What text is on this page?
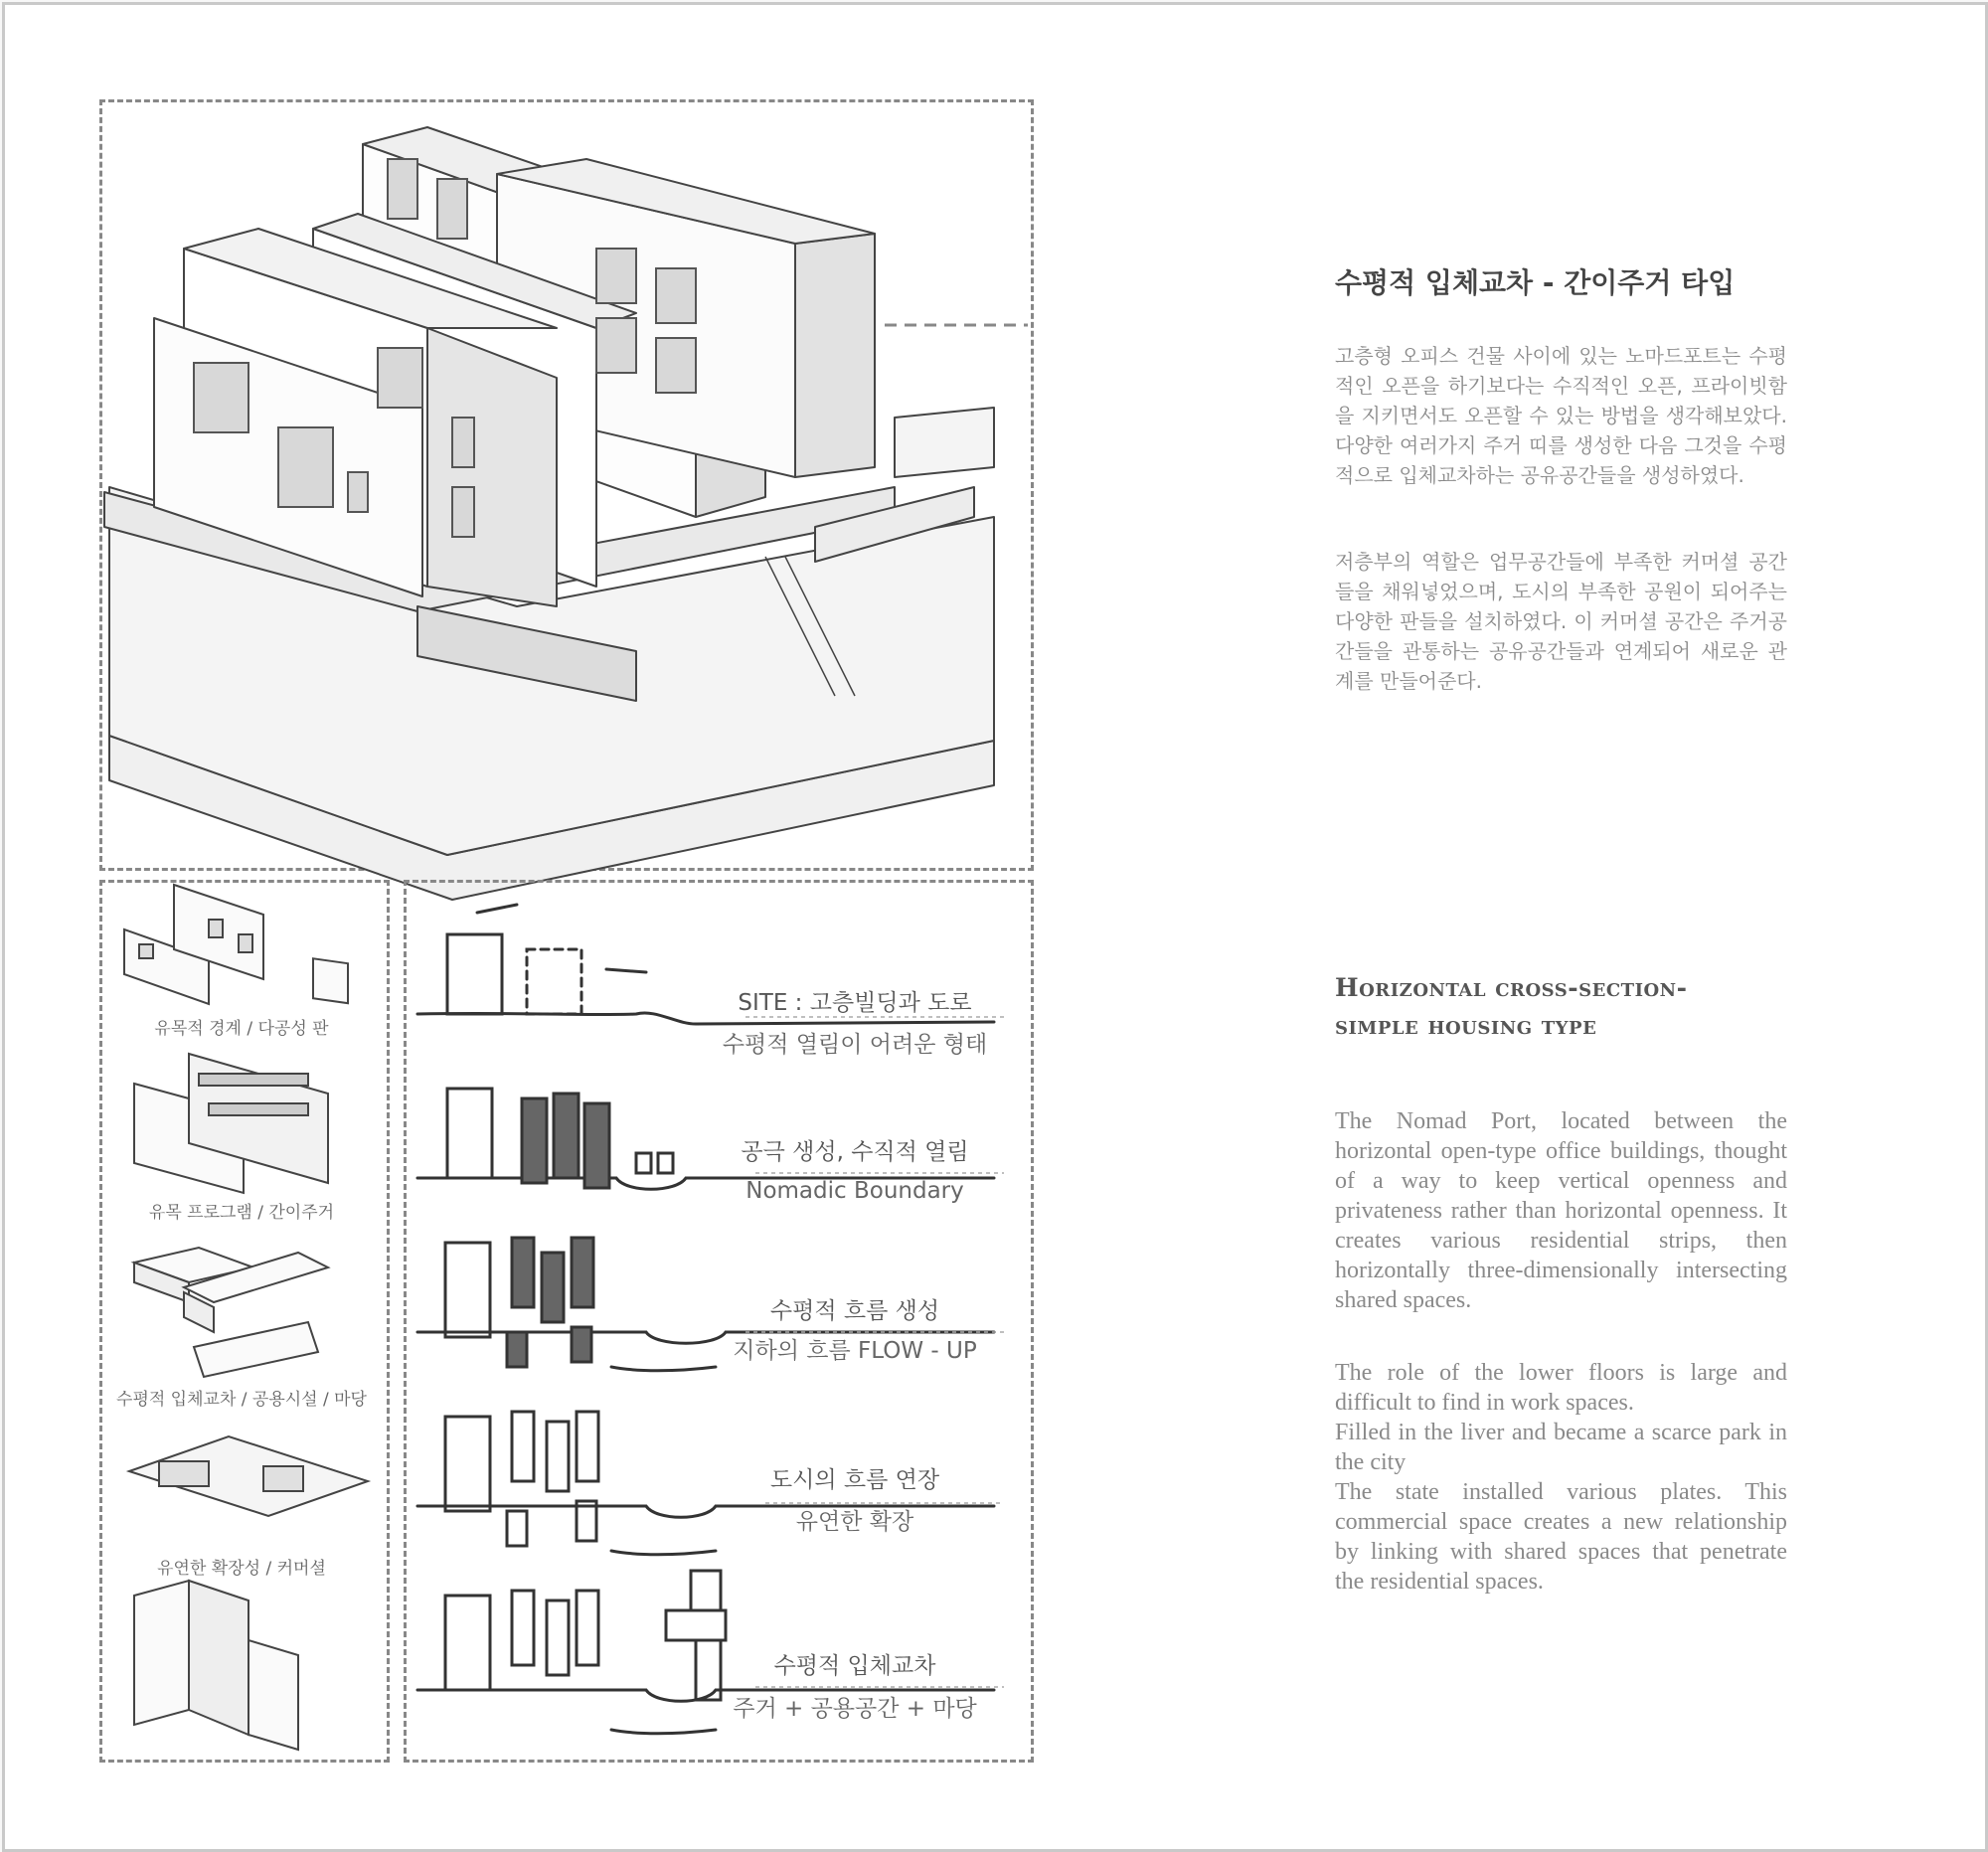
유목적 경계 / 다공성 판
유목 프로그램 / 간이주거
수평적 입체교차 / 공용시설 / 마당
유연한 확장성 / 커머셜
SITE : 고층빌딩과 도로
수평적 열림이 어려운 형태
공극 생성, 수직적 열림
Nomadic Boundary
수평적 흐름 생성
지하의 흐름 FLOW - UP
도시의 흐름 연장
유연한 확장
수평적 입체교차
주거 + 공용공간 + 마당
수평적 입체교차 - 간이주거 타입
고층형 오피스 건물 사이에 있는 노마드포트는 수평적인 오픈을 하기보다는 수직적인 오픈, 프라이빗함을 지키면서도 오픈할 수 있는 방법을 생각해보았다. 다양한 여러가지 주거 띠를 생성한 다음 그것을 수평적으로 입체교차하는 공유공간들을 생성하였다.
저층부의 역할은 업무공간들에 부족한 커머셜 공간들을 채워넣었으며, 도시의 부족한 공원이 되어주는 다양한 판들을 설치하였다. 이 커머셜 공간은 주거공간들을 관통하는 공유공간들과 연계되어 새로운 관계를 만들어준다.
Horizontal cross-section-
simple housing type
The Nomad Port, located between the horizontal open-type office buildings, thought of a way to keep vertical openness and privateness rather than horizontal openness. It creates various residential strips, then horizontally three-dimensionally intersecting shared spaces.
The role of the lower floors is large and difficult to find in work spaces.
Filled in the liver and became a scarce park in the city
The state installed various plates. This commercial space creates a new relationship by linking with shared spaces that penetrate the residential spaces.
